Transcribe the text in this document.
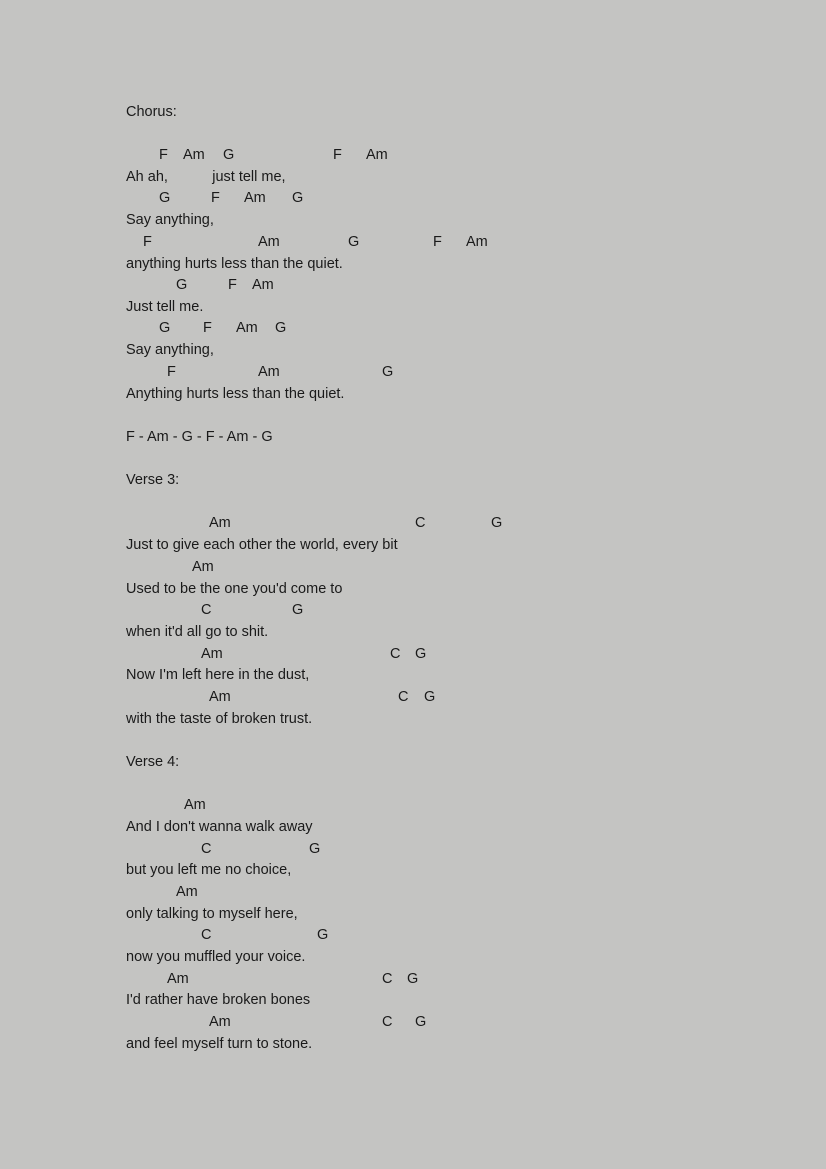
Chorus:

F Am G	F Am

Ah ah,           just tell me,

G	F Am G

Say anything,

F	Am	G	F Am

anything hurts less than the quiet.

G	F Am

Just tell me.

G F Am G

Say anything,

F	Am	G

Anything hurts less than the quiet.

F - Am - G - F - Am - G

Verse 3:

Am	C	G

Just to give each other the world, every bit

Am

Used to be the one you'd come to

C	G

when it'd all go to shit.

Am	C G

Now I'm left here in the dust,

Am	C G

with the taste of broken trust.

Verse 4:

Am

And I don't wanna walk away

C	G

but you left me no choice,

Am

only talking to myself here,

C	G

now you muffled your voice.

Am	C G

I'd rather have broken bones

Am	C G

and feel myself turn to stone.
